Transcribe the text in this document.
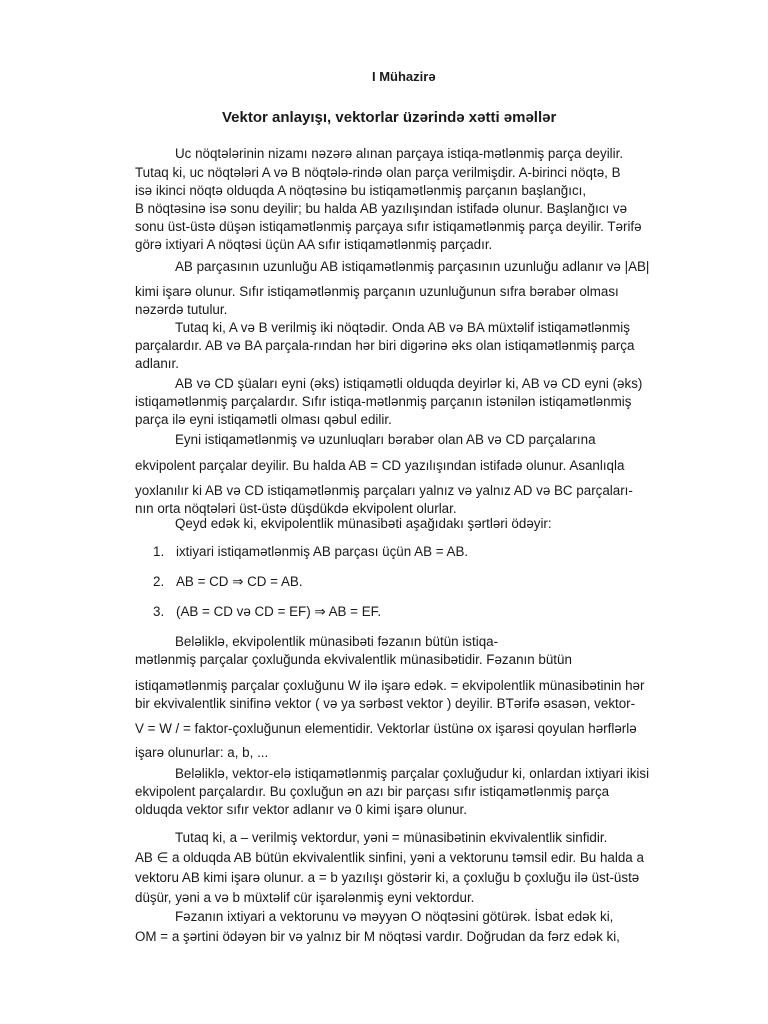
I Mühazirə
Vektor anlayışı, vektorlar üzərində xətti əməllər
Uc nöqtələrinin nizamı nəzərə alınan parçaya istiqa-mətlənmiş parça deyilir.
Tutaq ki, uc nöqtələri A və B nöqtələ-rində olan parça verilmişdir. A-birinci nöqtə, B
isə ikinci nöqtə olduqda A nöqtəsinə bu istiqamətlənmiş parçanın başlanğıcı,
B nöqtəsinə isə sonu deyilir; bu halda AB yazılışından istifadə olunur. Başlanğıcı və
sonu üst-üstə düşən istiqamətlənmiş parçaya sıfır istiqamətlənmiş parça deyilir. Tərifə
görə ixtiyari A nöqtəsi üçün AA sıfır istiqamətlənmiş parçadır.
AB parçasının uzunluğu AB istiqamətlənmiş parçasının uzunluğu adlanır və |AB|
kimi işarə olunur. Sıfır istiqamətlənmiş parçanın uzunluğunun sıfra bərabər olması
nəzərdə tutulur.
Tutaq ki, A və B verilmiş iki nöqtədir. Onda AB və BA müxtəlif istiqamətlənmiş
parçalardır. AB və BA parçala-rından hər biri digərinə əks olan istiqamətlənmiş parça
adlanır.
AB və CD şüaları eyni (əks) istiqamətli olduqda deyirlər ki, AB və CD eyni (əks)
istiqamətlənmiş parçalardır. Sıfır istiqa-mətlənmiş parçanın istənilən istiqamətlənmiş
parça ilə eyni istiqamətli olması qəbul edilir.
Eyni istiqamətlənmiş və uzunluqları bərabər olan AB və CD parçalarına
ekvipolent parçalar deyilir. Bu halda AB = CD yazılışından istifadə olunur. Asanlıqla
yoxlanılır ki AB və CD istiqamətlənmiş parçaları yalnız və yalnız AD və BC parçaları-
nın orta nöqtələri üst-üstə düşdükdə ekvipolent olurlar.
Qeyd edək ki, ekvipolentlik münasibəti aşağıdakı şərtləri ödəyir:
1. ixtiyari istiqamətlənmiş AB parçası üçün AB = AB.
2. AB = CD ⇒ CD = AB.
3. (AB = CD və CD = EF) ⇒ AB = EF.
Beləliklə, ekvipolentlik münasibəti fəzanın bütün istiqa-
mətlənmiş parçalar çoxluğunda ekvivalentlik münasibətidir. Fəzanın bütün
istiqamətlənmiş parçalar çoxluğunu W ilə işarə edək. = ekvipolentlik münasibətinin hər
bir ekvivalentlik sinifinə vektor ( və ya sərbəst vektor ) deyilir. BTərifə əsasən, vektor-
V = W / = faktor-çoxluğunun elementidir. Vektorlar üstünə ox işarəsi qoyulan hərflərlə
işarə olunurlar: a, b, ...
Beləliklə, vektor-elə istiqamətlənmiş parçalar çoxluğudur ki, onlardan ixtiyari ikisi
ekvipolent parçalardır. Bu çoxluğun ən azı bir parçası sıfır istiqamətlənmiş parça
olduqda vektor sıfır vektor adlanır və 0 kimi işarə olunur.
Tutaq ki, a – verilmiş vektordur, yəni = münasibətinin ekvivalentlik sinfidir.
AB ∈ a olduqda AB bütün ekvivalentlik sinfini, yəni a vektorunu təmsil edir. Bu halda a
vektoru AB kimi işarə olunur. a = b yazılışı göstərir ki, a çoxluğu b çoxluğu ilə üst-üstə
düşür, yəni a və b müxtəlif cür işarələnmiş eyni vektordur.
Fəzanın ixtiyari a vektorunu və məyyən O nöqtəsini götürək. İsbat edək ki,
OM = a şərtini ödəyən bir və yalnız bir M nöqtəsi vardır. Doğrudan da fərz edək ki,
